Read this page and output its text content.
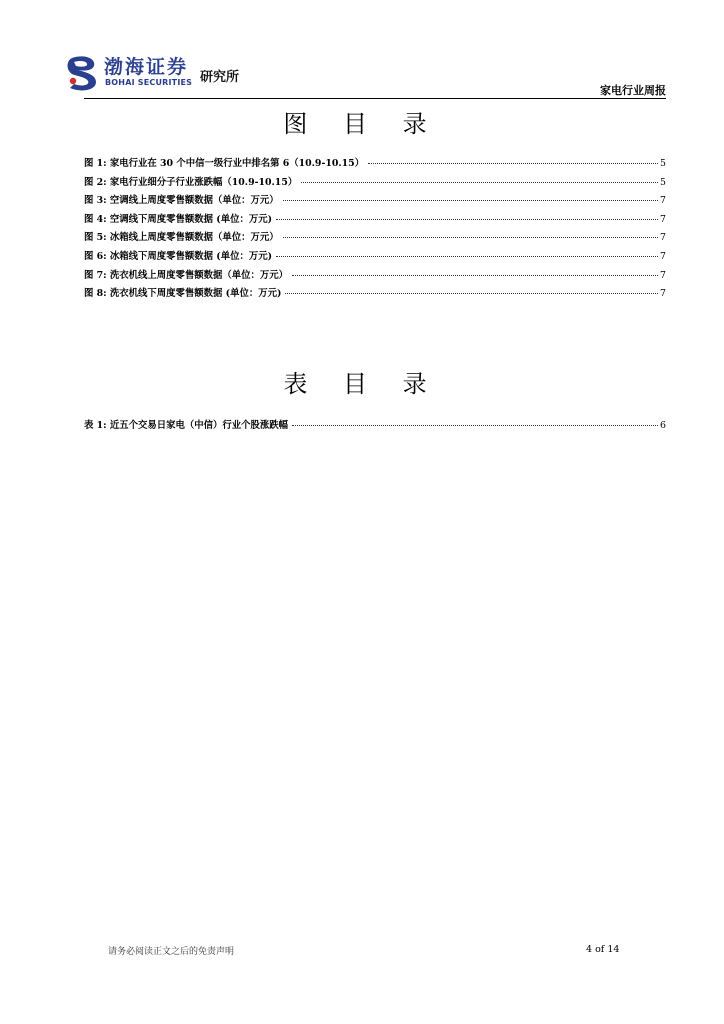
渤海证券
BOHAI SECURITIES 研究所
家电行业周报
图 目 录
图 1: 家电行业在 30 个中信一级行业中排名第 6（10.9-10.15）	5
图 2: 家电行业细分子行业涨跌幅（10.9-10.15）	5
图 3: 空调线上周度零售额数据（单位：万元）	7
图 4: 空调线下周度零售额数据 (单位：万元)	7
图 5: 冰箱线上周度零售额数据（单位：万元）	7
图 6: 冰箱线下周度零售额数据 (单位：万元)	7
图 7: 洗衣机线上周度零售额数据（单位：万元）	7
图 8: 洗衣机线下周度零售额数据 (单位：万元)	7
表 目 录
表 1: 近五个交易日家电（中信）行业个股涨跌幅	6
请务必阅读正文之后的免责声明	4 of 14
